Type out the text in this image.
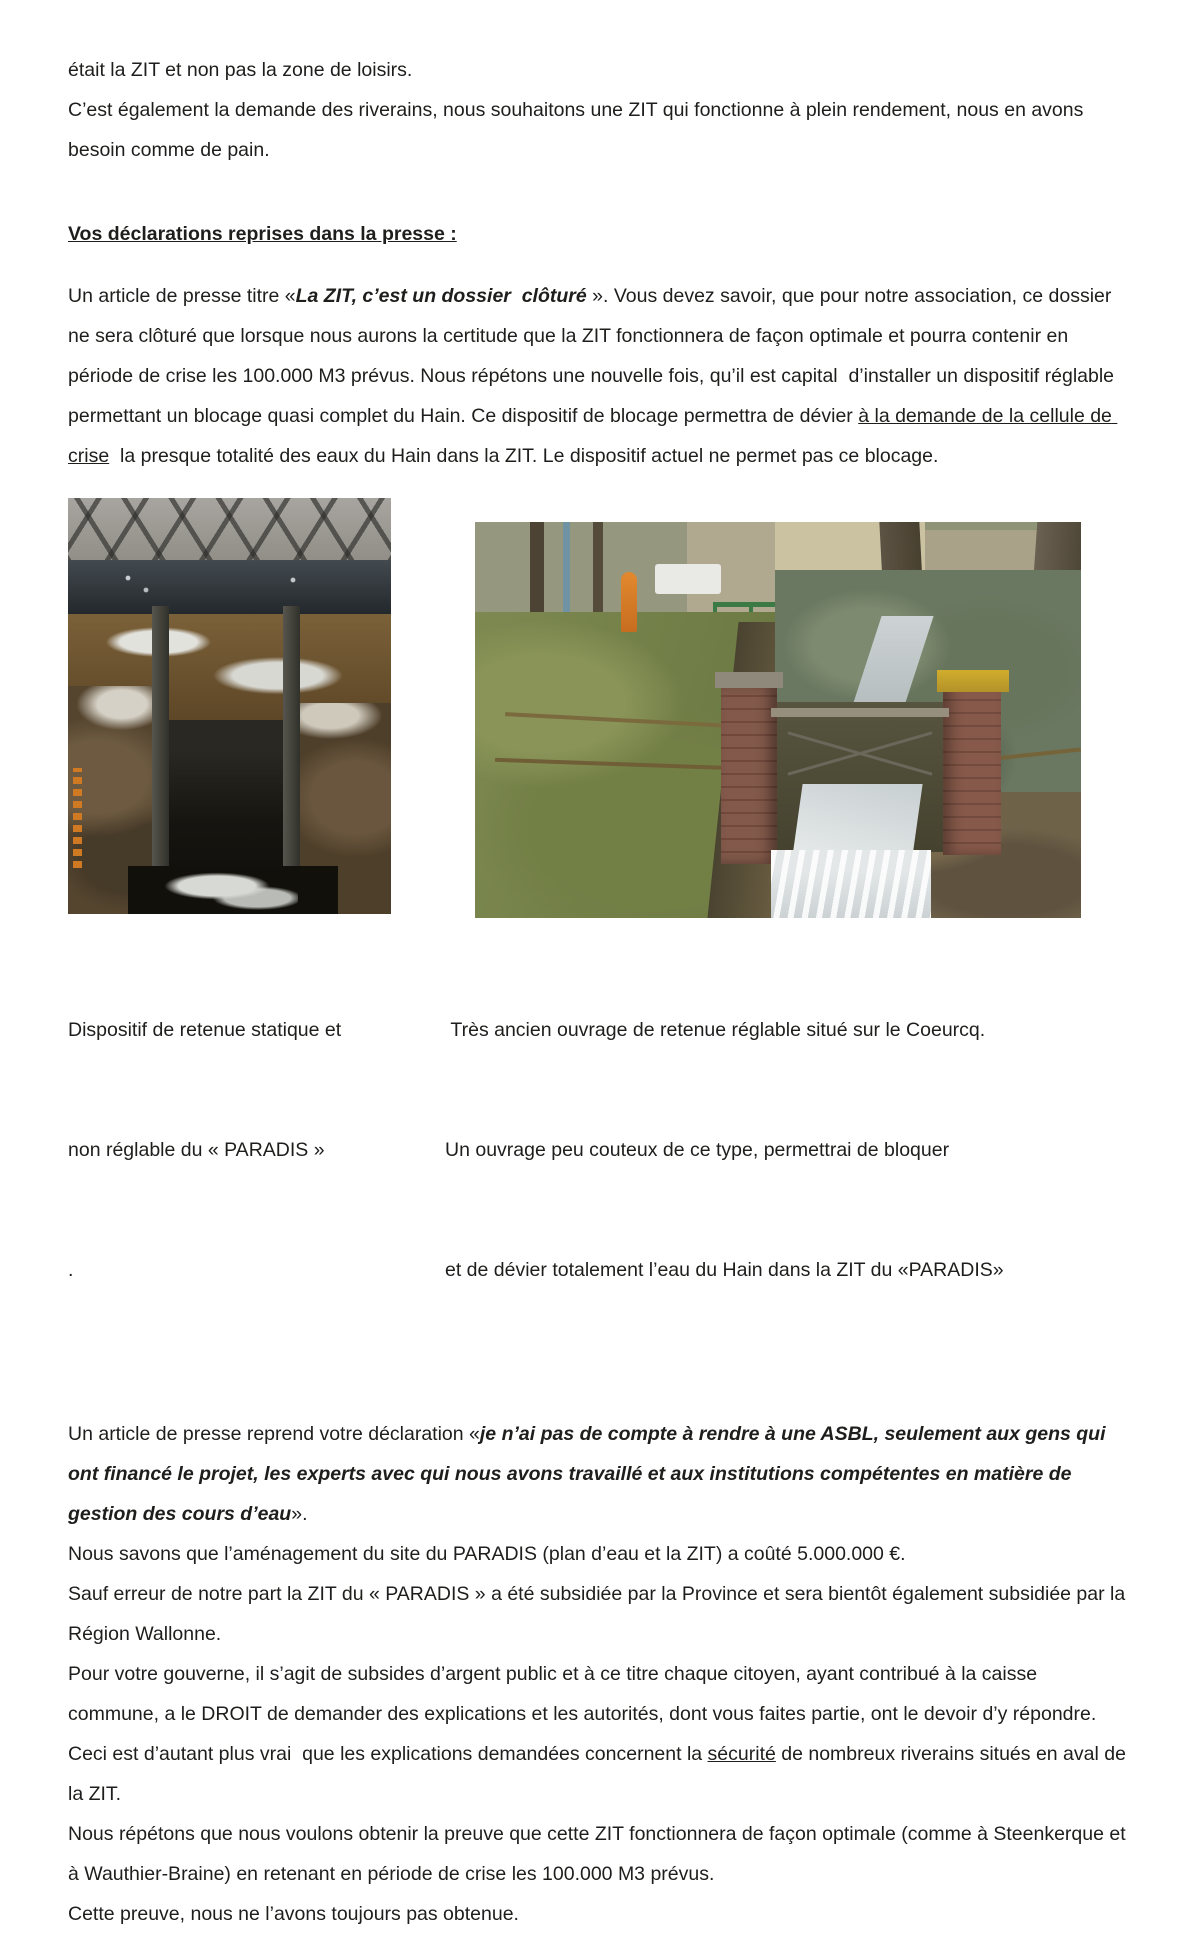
était la ZIT et non pas la zone de loisirs.

C’est également la demande des riverains, nous souhaitons une ZIT qui fonctionne à plein rendement, nous en avons besoin comme de pain.

Vos déclarations reprises dans la presse :

Un article de presse titre «La ZIT, c’est un dossier  clôturé ». Vous devez savoir, que pour notre association, ce dossier ne sera clôturé que lorsque nous aurons la certitude que la ZIT fonctionnera de façon optimale et pourra contenir en période de crise les 100.000 M3 prévus. Nous répétons une nouvelle fois, qu’il est capital  d’installer un dispositif réglable permettant un blocage quasi complet du Hain. Ce dispositif de blocage permettra de dévier à la demande de la cellule de crise  la presque totalité des eaux du Hain dans la ZIT. Le dispositif actuel ne permet pas ce blocage.

Dispositif de retenue statique et

non réglable du « PARADIS »

.

Très ancien ouvrage de retenue réglable situé sur le Coeurcq.

Un ouvrage peu couteux de ce type, permettrai de bloquer

et de dévier totalement l’eau du Hain dans la ZIT du «PARADIS»

Un article de presse reprend votre déclaration «je n’ai pas de compte à rendre à une ASBL, seulement aux gens qui ont financé le projet, les experts avec qui nous avons travaillé et aux institutions compétentes en matière de gestion des cours d’eau».

Nous savons que l’aménagement du site du PARADIS (plan d’eau et la ZIT) a coûté 5.000.000 €.

Sauf erreur de notre part la ZIT du « PARADIS » a été subsidiée par la Province et sera bientôt également subsidiée par la Région Wallonne.

Pour votre gouverne, il s’agit de subsides d’argent public et à ce titre chaque citoyen, ayant contribué à la caisse commune, a le DROIT de demander des explications et les autorités, dont vous faites partie, ont le devoir d’y répondre.

Ceci est d’autant plus vrai  que les explications demandées concernent la sécurité de nombreux riverains situés en aval de la ZIT.

Nous répétons que nous voulons obtenir la preuve que cette ZIT fonctionnera de façon optimale (comme à Steenkerque et à Wauthier-Braine) en retenant en période de crise les 100.000 M3 prévus.

Cette preuve, nous ne l’avons toujours pas obtenue.
